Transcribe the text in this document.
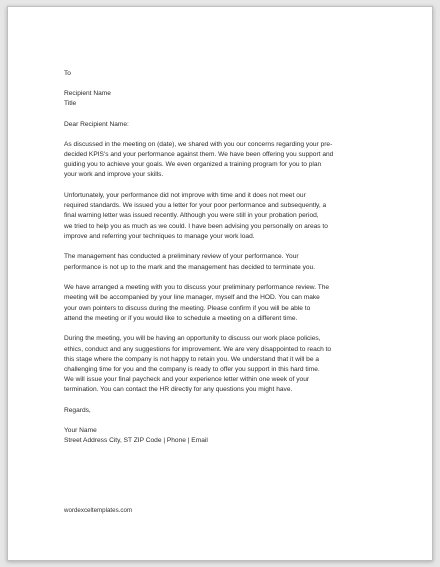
To
Recipient Name
Title
Dear Recipient Name:
As discussed in the meeting on (date), we shared with you our concerns regarding your pre-
decided KPIS's and your performance against them. We have been offering you support and
guiding you to achieve your goals. We even organized a training program for you to plan
your work and improve your skills.
Unfortunately, your performance did not improve with time and it does not meet our
required standards. We issued you a letter for your poor performance and subsequently, a
final warning letter was issued recently. Although you were still in your probation period,
we tried to help you as much as we could. I have been advising you personally on areas to
improve and referring your techniques to manage your work load.
The management has conducted a preliminary review of your performance. Your
performance is not up to the mark and the management has decided to terminate you.
We have arranged a meeting with you to discuss your preliminary performance review. The
meeting will be accompanied by your line manager, myself and the HOD. You can make
your own pointers to discuss during the meeting. Please confirm if you will be able to
attend the meeting or if you would like to schedule a meeting on a different time.
During the meeting, you will be having an opportunity to discuss our work place policies,
ethics, conduct and any suggestions for improvement. We are very disappointed to reach to
this stage where the company is not happy to retain you. We understand that it will be a
challenging time for you and the company is ready to offer you support in this hard time.
We will issue your final paycheck and your experience letter within one week of your
termination. You can contact the HR directly for any questions you might have.
Regards,
Your Name
Street Address City, ST ZIP Code | Phone | Email
wordexceltemplates.com
